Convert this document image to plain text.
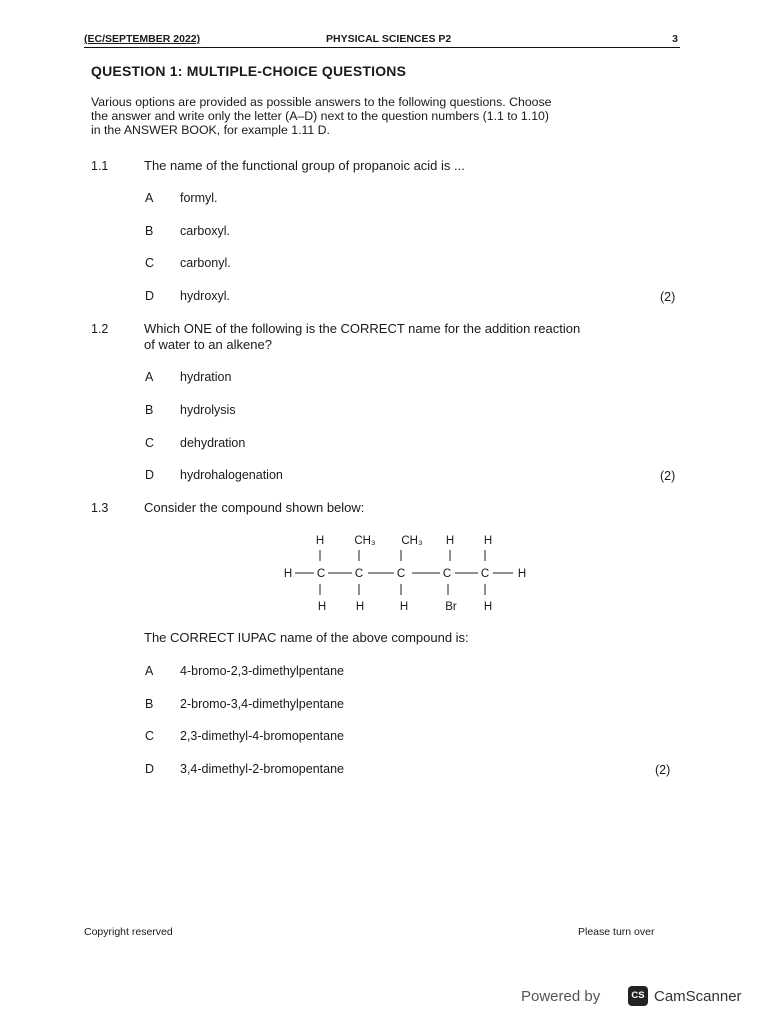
(EC/SEPTEMBER 2022)	PHYSICAL SCIENCES P2	3
QUESTION 1: MULTIPLE-CHOICE QUESTIONS
Various options are provided as possible answers to the following questions. Choose
the answer and write only the letter (A–D) next to the question numbers (1.1 to 1.10)
in the ANSWER BOOK, for example 1.11 D.
1.1	The name of the functional group of propanoic acid is ...
A formyl.
B carboxyl.
C carbonyl.
D hydroxyl.	(2)
1.2	Which ONE of the following is the CORRECT name for the addition reaction
of water to an alkene?
A hydration
B hydrolysis
C dehydration
D hydrohalogenation	(2)
1.3	Consider the compound shown below:
H	CH₃ CH₃ H	H
H C	C	C	C	C H
H	H	H	Br H
The CORRECT IUPAC name of the above compound is:
A 4-bromo-2,3-dimethylpentane
B 2-bromo-3,4-dimethylpentane
C 2,3-dimethyl-4-bromopentane
D 3,4-dimethyl-2-bromopentane	(2)
Copyright reserved	Please turn over
Powered by	CS CamScanner
